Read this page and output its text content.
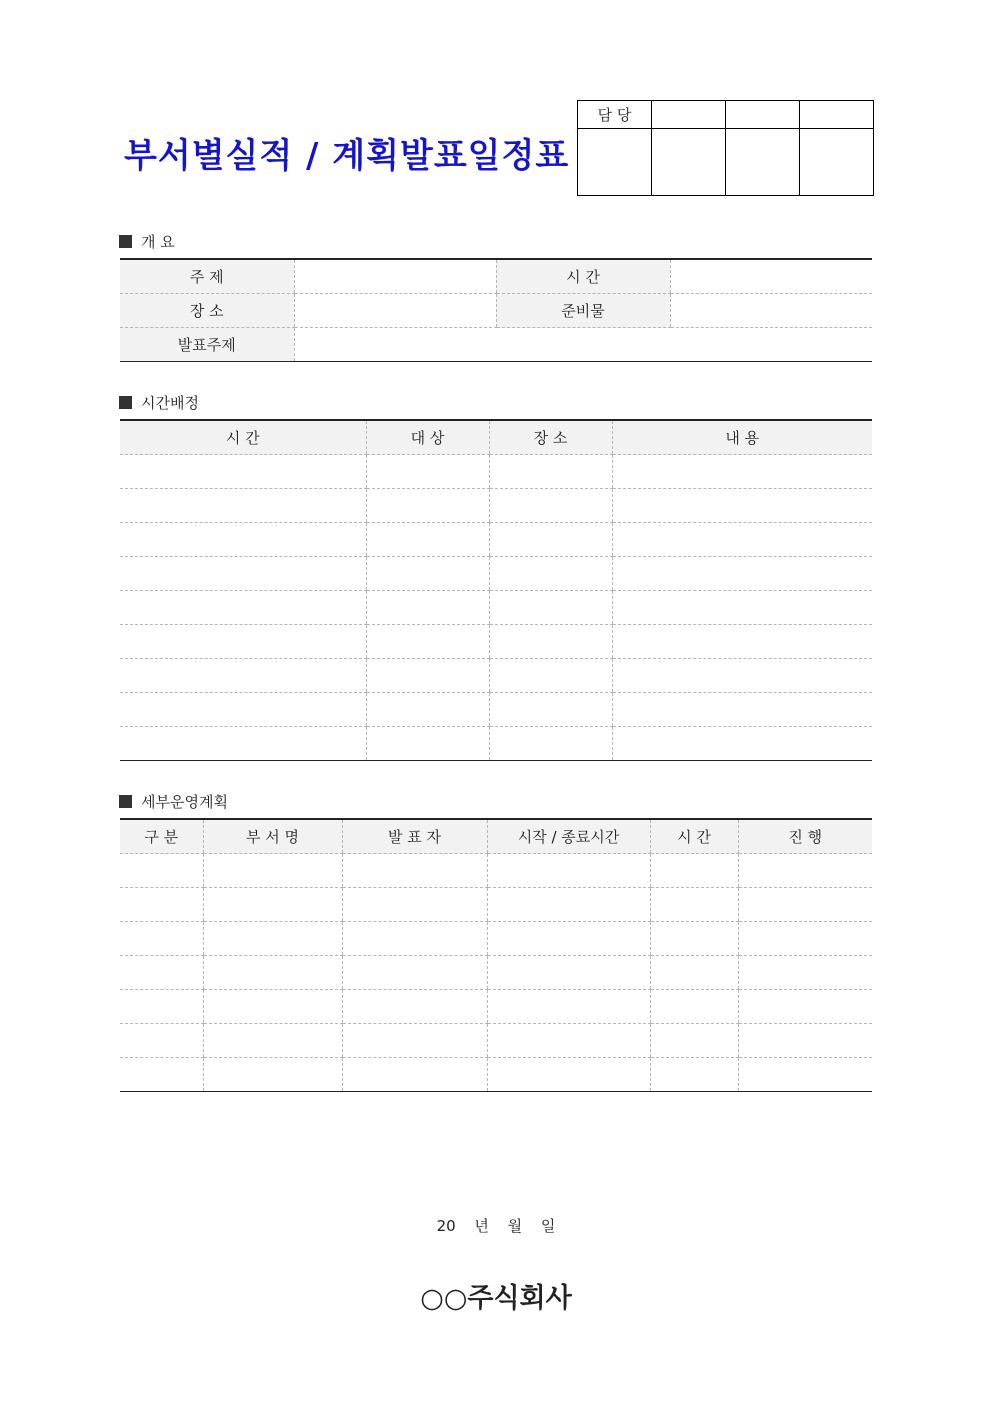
부서별실적 / 계획발표일정표
담 당			

개 요
주 제		시 간	
장 소		준비물	
발표주제			
시간배정
시 간	대 상	장 소	내 용

세부운영계획
구 분	부 서 명	발 표 자	시작 / 종료시간	시 간	진 행

20 년 월 일
○○주식회사
